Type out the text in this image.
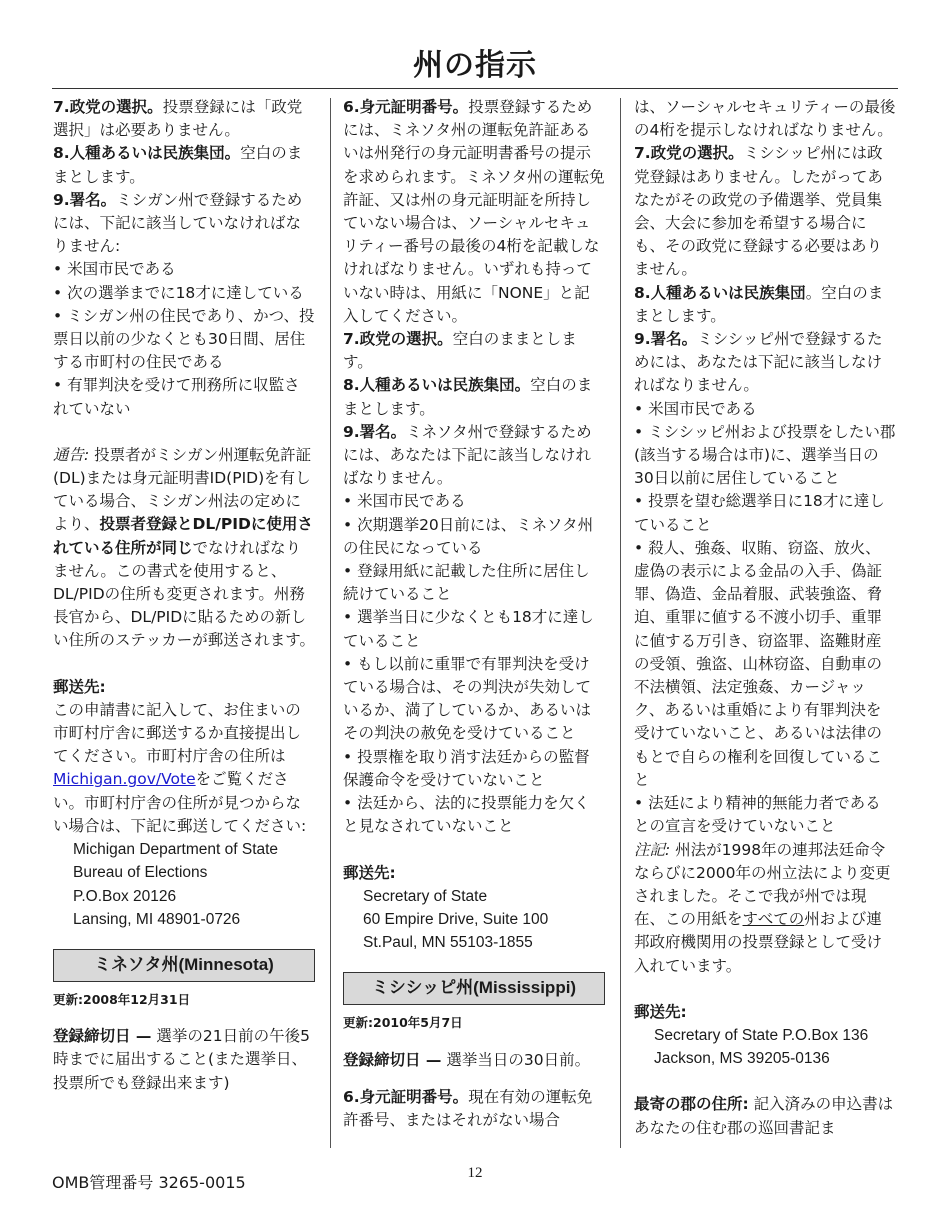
州の指示

7.政党の選択。投票登録には「政党選択」は必要ありません。

8.人種あるいは民族集団。空白のままとします。

9.署名。ミシガン州で登録するためには、下記に該当していなければなりません:

• 米国市民である

• 次の選挙までに18才に達している

• ミシガン州の住民であり、かつ、投票日以前の少なくとも30日間、居住する市町村の住民である

• 有罪判決を受けて刑務所に収監されていない

通告: 投票者がミシガン州運転免許証(DL)または身元証明書ID(PID)を有している場合、ミシガン州法の定めにより、投票者登録とDL/PIDに使用されている住所が同じでなければなりません。この書式を使用すると、DL/PIDの住所も変更されます。州務長官から、DL/PIDに貼るための新しい住所のステッカーが郵送されます。

郵送先:

この申請書に記入して、お住まいの市町村庁舎に郵送するか直接提出してください。市町村庁舎の住所はMichigan.gov/Voteをご覧ください。市町村庁舎の住所が見つからない場合は、下記に郵送してください:

Michigan Department of State

Bureau of Elections

P.O.Box 20126

Lansing, MI 48901-0726

ミネソタ州(Minnesota)

更新:2008年12月31日

登録締切日 — 選挙の21日前の午後5時までに届出すること(また選挙日、投票所でも登録出来ます)

6.身元証明番号。投票登録するためには、ミネソタ州の運転免許証あるいは州発行の身元証明書番号の提示を求められます。ミネソタ州の運転免許証、又は州の身元証明証を所持していない場合は、ソーシャルセキュリティー番号の最後の4桁を記載しなければなりません。いずれも持っていない時は、用紙に「NONE」と記入してください。

7.政党の選択。空白のままとします。

8.人種あるいは民族集団。空白のままとします。

9.署名。ミネソタ州で登録するためには、あなたは下記に該当しなければなりません。

• 米国市民である

• 次期選挙20日前には、ミネソタ州の住民になっている

• 登録用紙に記載した住所に居住し続けていること

• 選挙当日に少なくとも18才に達していること

• もし以前に重罪で有罪判決を受けている場合は、その判決が失効しているか、満了しているか、あるいはその判決の赦免を受けていること

• 投票権を取り消す法廷からの監督保護命令を受けていないこと

• 法廷から、法的に投票能力を欠くと見なされていないこと

郵送先:

Secretary of State

60 Empire Drive, Suite 100

St.Paul, MN 55103-1855

ミシシッピ州(Mississippi)

更新:2010年5月7日

登録締切日 — 選挙当日の30日前。

6.身元証明番号。現在有効の運転免許番号、またはそれがない場合

は、ソーシャルセキュリティーの最後の4桁を提示しなければなりません。

7.政党の選択。ミシシッピ州には政党登録はありません。したがってあなたがその政党の予備選挙、党員集会、大会に参加を希望する場合にも、その政党に登録する必要はありません。

8.人種あるいは民族集団。空白のままとします。

9.署名。ミシシッピ州で登録するためには、あなたは下記に該当しなければなりません。

• 米国市民である

• ミシシッピ州および投票をしたい郡(該当する場合は市)に、選挙当日の30日以前に居住していること

• 投票を望む総選挙日に18才に達していること

• 殺人、強姦、収賄、窃盗、放火、虚偽の表示による金品の入手、偽証罪、偽造、金品着服、武装強盗、脅迫、重罪に値する不渡小切手、重罪に値する万引き、窃盗罪、盗難財産の受領、強盗、山林窃盗、自動車の不法横領、法定強姦、カージャック、あるいは重婚により有罪判決を受けていないこと、あるいは法律のもとで自らの権利を回復していること

• 法廷により精神的無能力者であるとの宣言を受けていないこと

注記: 州法が1998年の連邦法廷命令ならびに2000年の州立法により変更されました。そこで我が州では現在、この用紙をすべての州および連邦政府機関用の投票登録として受け入れています。

郵送先:

Secretary of State P.O.Box 136

Jackson, MS 39205-0136

最寄の郡の住所: 記入済みの申込書はあなたの住む郡の巡回書記ま

OMB管理番号 3265-0015	12
